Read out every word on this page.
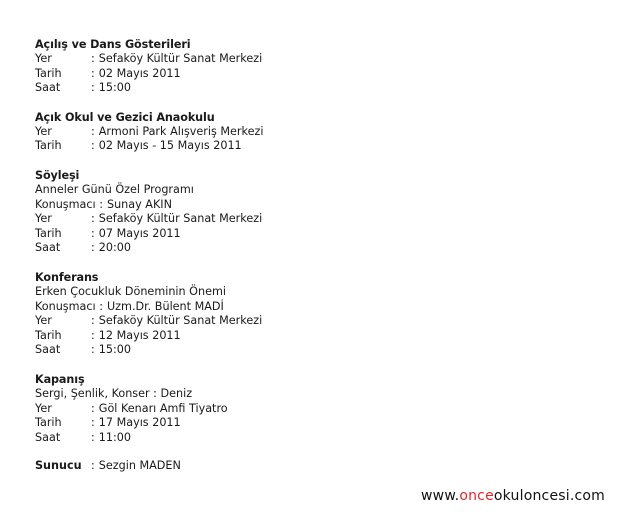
Açılış ve Dans Gösterileri
Yer	: Sefaköy Kültür Sanat Merkezi
Tarih	: 02 Mayıs 2011
Saat	: 15:00
Açık Okul ve Gezici Anaokulu
Yer	: Armoni Park Alışveriş Merkezi
Tarih	: 02 Mayıs - 15 Mayıs 2011
Söyleşi
Anneler Günü Özel Programı
Konuşmacı : Sunay AKIN
Yer	: Sefaköy Kültür Sanat Merkezi
Tarih	: 07 Mayıs 2011
Saat	: 20:00
Konferans
Erken Çocukluk Döneminin Önemi
Konuşmacı : Uzm.Dr. Bülent MADİ
Yer	: Sefaköy Kültür Sanat Merkezi
Tarih	: 12 Mayıs 2011
Saat	: 15:00
Kapanış
Sergi, Şenlik, Konser : Deniz
Yer	: Göl Kenarı Amfi Tiyatro
Tarih	: 17 Mayıs 2011
Saat	: 11:00
Sunucu : Sezgin MADEN
www.onceokuloncesi.com
